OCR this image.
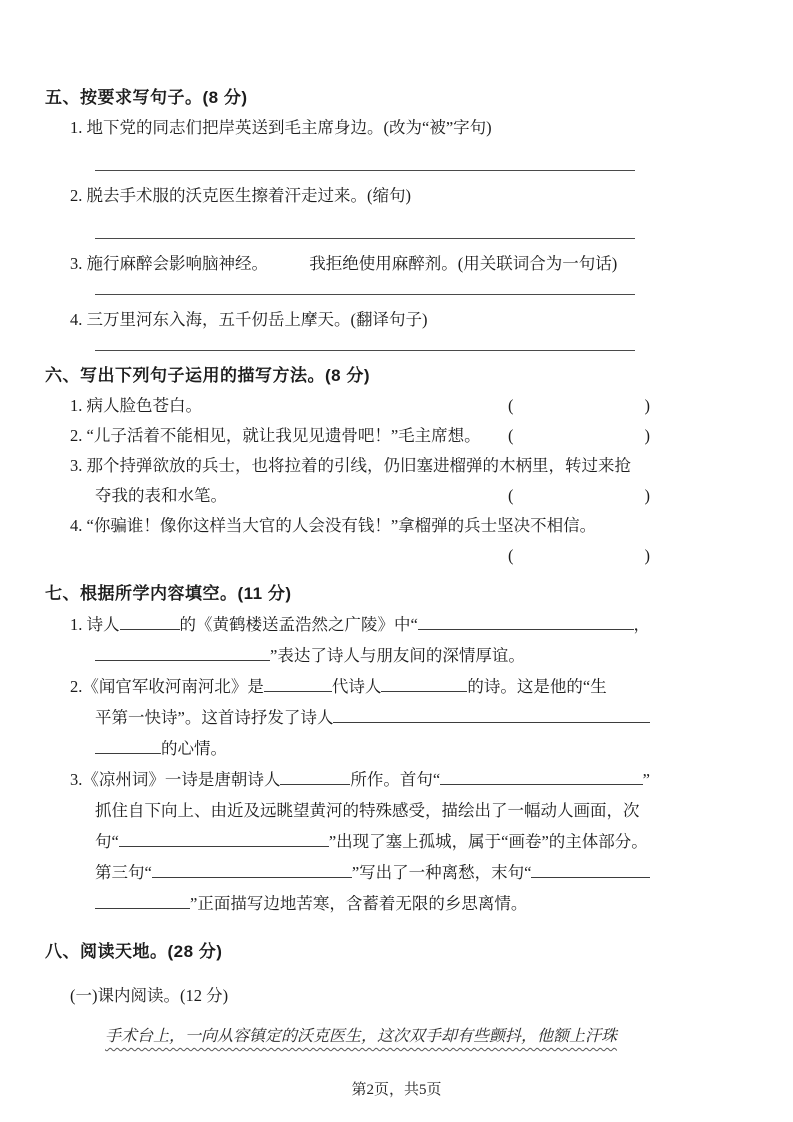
五、按要求写句子。(8 分)
1. 地下党的同志们把岸英送到毛主席身边。(改为“被”字句)
2. 脱去手术服的沃克医生擦着汗走过来。(缩句)
3. 施行麻醉会影响脑神经。　　　我拒绝使用麻醉剂。(用关联词合为一句话)
4. 三万里河东入海，五千仞岳上摩天。(翻译句子)
六、写出下列句子运用的描写方法。(8 分)
1. 病人脸色苍白。	(	)
2. “儿子活着不能相见，就让我见见遗骨吧！”毛主席想。 (	)
3. 那个持弹欲放的兵士，也将拉着的引线，仍旧塞进榴弹的木柄里，转过来抢
夺我的表和水笔。	(	)
4. “你骗谁！像你这样当大官的人会没有钱！”拿榴弹的兵士坚决不相信。
(	)
七、根据所学内容填空。(11 分)
1. 诗人	的《黄鹤楼送孟浩然之广陵》中“	，
”表达了诗人与朋友间的深情厚谊。
2.《闻官军收河南河北》是	代诗人	的诗。这是他的“生
平第一快诗”。这首诗抒发了诗人
的心情。
3.《凉州词》一诗是唐朝诗人	所作。首句“	”
抓住自下向上、由近及远眺望黄河的特殊感受，描绘出了一幅动人画面，次
句“	”出现了塞上孤城，属于“画卷”的主体部分。
第三句“	”写出了一种离愁，末句“
”正面描写边地苦寒，含蓄着无限的乡思离情。
八、阅读天地。(28 分)
(一)课内阅读。(12 分)
手术台上，一向从容镇定的沃克医生，这次双手却有些颤抖，他额上汗珠
第2页，共5页
